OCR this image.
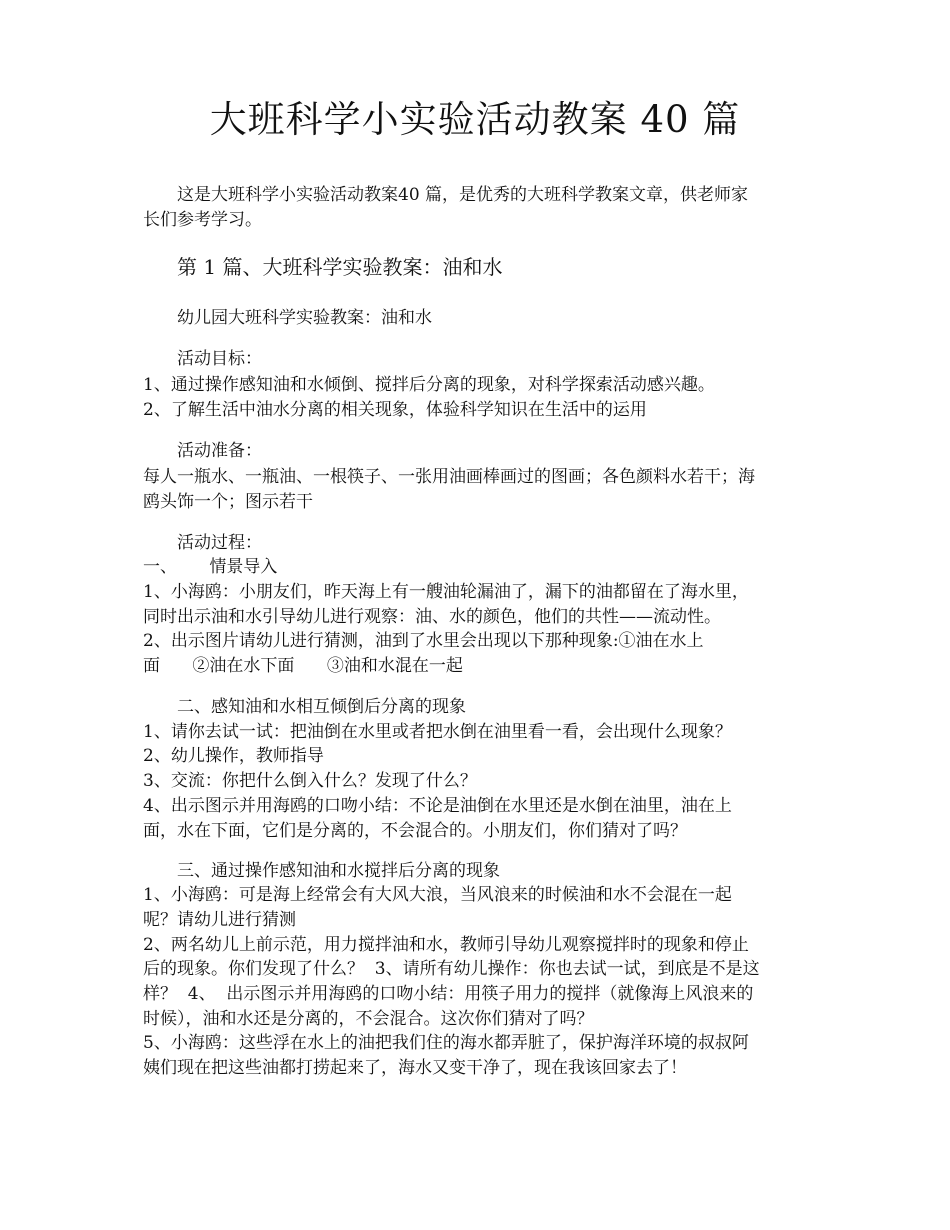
大班科学小实验活动教案 40 篇
这是大班科学小实验活动教案40 篇，是优秀的大班科学教案文章，供老师家
长们参考学习。
第 1 篇、大班科学实验教案：油和水
幼儿园大班科学实验教案：油和水
活动目标：
1、通过操作感知油和水倾倒、搅拌后分离的现象，对科学探索活动感兴趣。
2、了解生活中油水分离的相关现象，体验科学知识在生活中的运用
活动准备：
每人一瓶水、一瓶油、一根筷子、一张用油画棒画过的图画；各色颜料水若干；海
鸥头饰一个；图示若干
活动过程：
一、      情景导入
1、小海鸥：小朋友们，昨天海上有一艘油轮漏油了，漏下的油都留在了海水里，
同时出示油和水引导幼儿进行观察：油、水的颜色，他们的共性——流动性。
2、出示图片请幼儿进行猜测，油到了水里会出现以下那种现象:①油在水上
面      ②油在水下面      ③油和水混在一起
二、感知油和水相互倾倒后分离的现象
1、请你去试一试：把油倒在水里或者把水倒在油里看一看，会出现什么现象？
2、幼儿操作，教师指导
3、交流：你把什么倒入什么？发现了什么？
4、出示图示并用海鸥的口吻小结：不论是油倒在水里还是水倒在油里，油在上
面，水在下面，它们是分离的，不会混合的。小朋友们，你们猜对了吗？
三、通过操作感知油和水搅拌后分离的现象
1、小海鸥：可是海上经常会有大风大浪，当风浪来的时候油和水不会混在一起
呢？请幼儿进行猜测
2、两名幼儿上前示范，用力搅拌油和水，教师引导幼儿观察搅拌时的现象和停止
后的现象。你们发现了什么？  3、请所有幼儿操作：你也去试一试，到底是不是这
样？  4、  出示图示并用海鸥的口吻小结：用筷子用力的搅拌（就像海上风浪来的
时候），油和水还是分离的，不会混合。这次你们猜对了吗？
5、小海鸥：这些浮在水上的油把我们住的海水都弄脏了，保护海洋环境的叔叔阿
姨们现在把这些油都打捞起来了，海水又变干净了，现在我该回家去了！
